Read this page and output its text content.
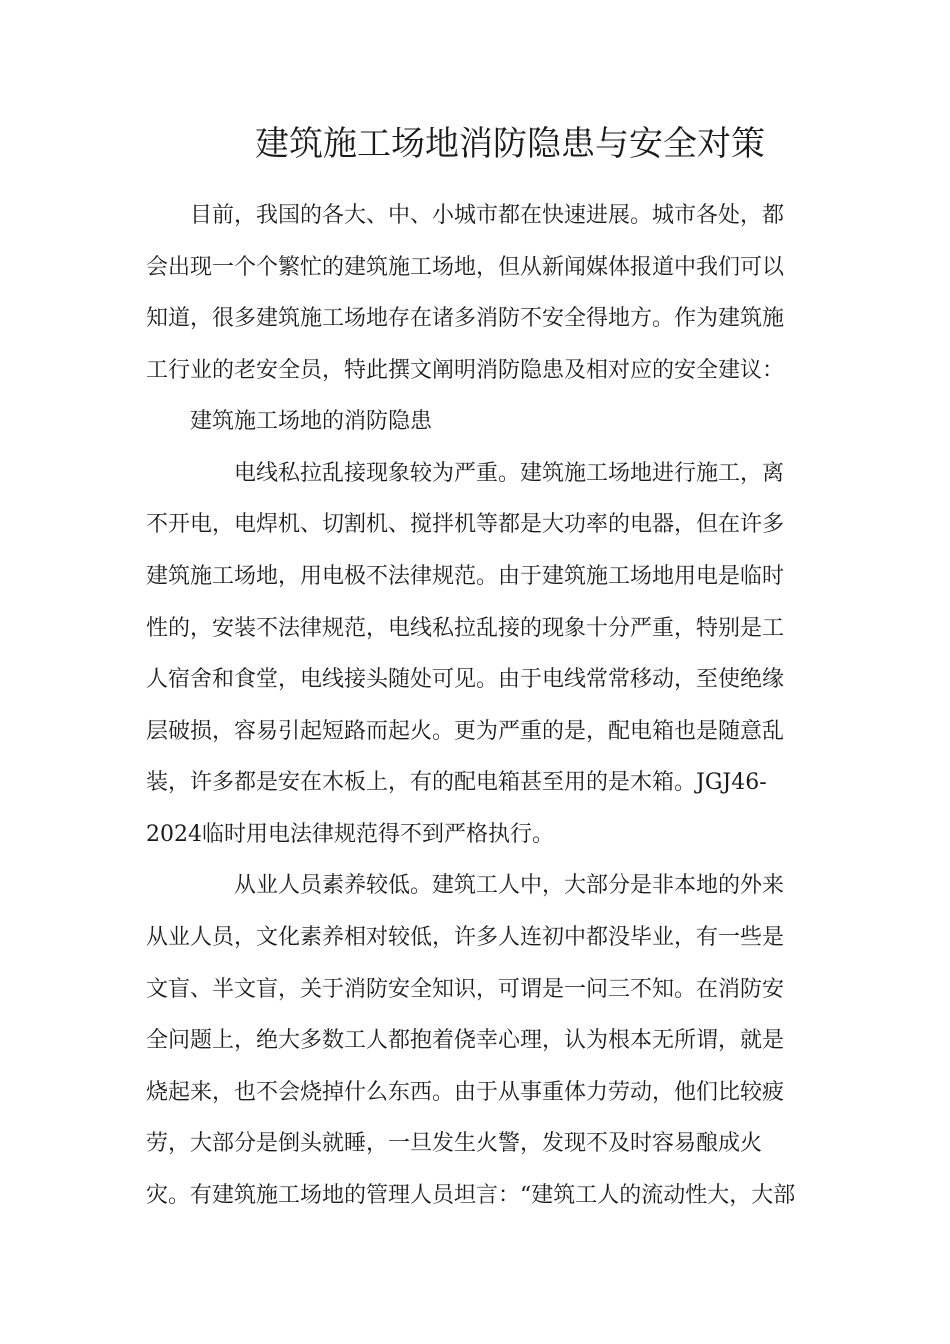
建筑施工场地消防隐患与安全对策

　　目前，我国的各大、中、小城市都在快速进展。城市各处，都

会出现一个个繁忙的建筑施工场地，但从新闻媒体报道中我们可以

知道，很多建筑施工场地存在诸多消防不安全得地方。作为建筑施

工行业的老安全员，特此撰文阐明消防隐患及相对应的安全建议：

　　建筑施工场地的消防隐患

　　　　电线私拉乱接现象较为严重。建筑施工场地进行施工，离

不开电，电焊机、切割机、搅拌机等都是大功率的电器，但在许多

建筑施工场地，用电极不法律规范。由于建筑施工场地用电是临时

性的，安装不法律规范，电线私拉乱接的现象十分严重，特别是工

人宿舍和食堂，电线接头随处可见。由于电线常常移动，至使绝缘

层破损，容易引起短路而起火。更为严重的是，配电箱也是随意乱

装，许多都是安在木板上，有的配电箱甚至用的是木箱。JGJ46-

2024临时用电法律规范得不到严格执行。

　　　　从业人员素养较低。建筑工人中，大部分是非本地的外来

从业人员，文化素养相对较低，许多人连初中都没毕业，有一些是

文盲、半文盲，关于消防安全知识，可谓是一问三不知。在消防安

全问题上，绝大多数工人都抱着侥幸心理，认为根本无所谓，就是

烧起来，也不会烧掉什么东西。由于从事重体力劳动，他们比较疲

劳，大部分是倒头就睡，一旦发生火警，发现不及时容易酿成火

灾。有建筑施工场地的管理人员坦言：“建筑工人的流动性大，大部
